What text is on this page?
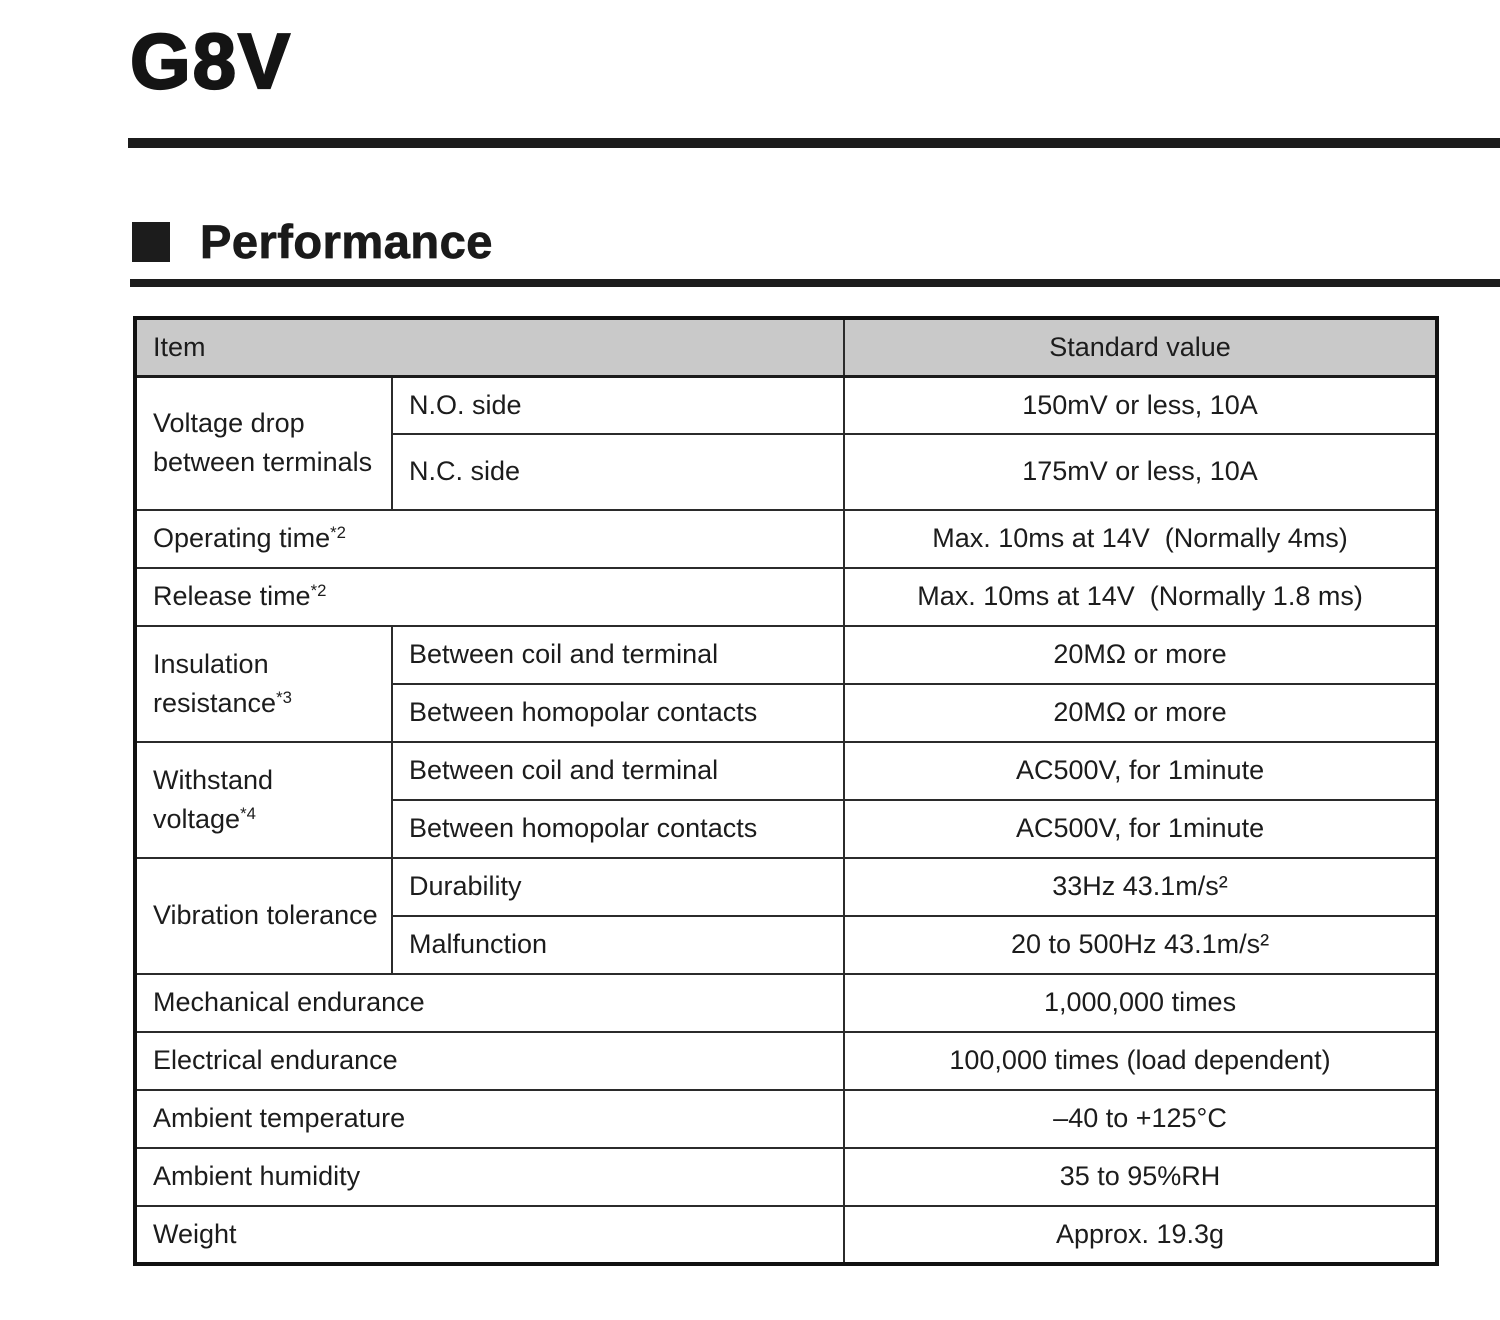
G8V
Performance
Item		Standard value
Voltage drop between terminals	N.O. side	150mV or less, 10A
	N.C. side	175mV or less, 10A
Operating time$^{*2}$		Max. 10ms at 14V  (Normally 4ms)
Release time$^{*2}$		Max. 10ms at 14V  (Normally 1.8 ms)
Insulation resistance$^{*3}$	Between coil and terminal	20MΩ or more
	Between homopolar contacts	20MΩ or more
Withstand voltage$^{*4}$	Between coil and terminal	AC500V, for 1minute
	Between homopolar contacts	AC500V, for 1minute
Vibration tolerance	Durability	33Hz 43.1m/s²
	Malfunction	20 to 500Hz 43.1m/s²
Mechanical endurance		1,000,000 times
Electrical endurance		100,000 times (load dependent)
Ambient temperature		–40 to +125°C
Ambient humidity		35 to 95%RH
Weight		Approx. 19.3g
